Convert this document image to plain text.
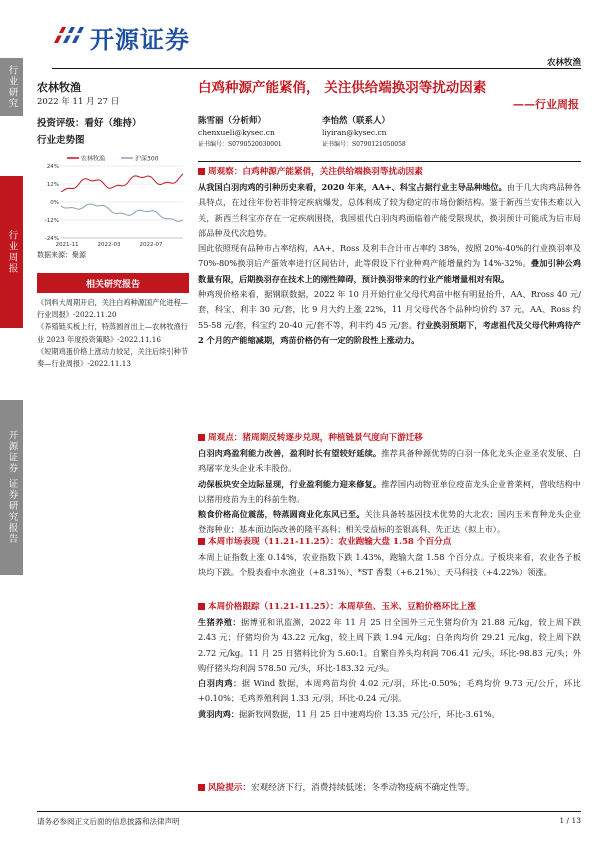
行业研究
行业周报
开源证券 证券研究报告
开源证券
农林牧渔
农林牧渔
2022 年 11 月 27 日
投资评级：看好（维持）
行业走势图
农林牧渔	沪深300
24%
12%
0%
-12%
-24%
2021-11	2022-03	2022-07
数据来源：聚源
相关研究报告

《饲料大周期开启，关注白鸡种源国产化进程—行业周报》-2022.11.20

《养殖链买板上行，特蒸圆首出上—农林牧渔行业 2023 年度投资策略》-2022.11.16

《短期鸡蛋价格上涨动力较足，关注后续引种节奏—行业周报》-2022.11.13

白鸡种源产能紧俏， 关注供给端换羽等扰动因素
——行业周报
陈雪丽（分析师）
chenxueli@kysec.cn
证书编号：S0790520030001
李怡然（联系人）
liyiran@kysec.cn
证书编号：S0790121050058
周观察：白鸡种源产能紧俏，关注供给端换羽等扰动因素

从我国白羽肉鸡的引种历史来看，2020 年来，AA+、科宝占据行业主导品种地位。由于几大肉鸡品种各具特点，在过往年份若非特定疾病爆发，总体利成了较为稳定的市场份额结构。鉴于新西兰安伟杰难以入关，新西兰科宝亦存在一定疾病围挠，我国祖代白羽肉鸡面临着产能受限现状，换羽预计可能成为后市局部品种及代次趋势。

国此依照现有品种市占率结构，AA+、Ross 及利丰合计市占率约 38%，按照 20%-40%的行业换羽率及 70%-80%换羽后产蛋效率进行区间估计，此等假设下行业种鸡产能增量约为 14%-32%。叠加引种公鸡数量有限，后期换羽存在技术上的刚性障碍，预计换羽带来的行业产能增量相对有限。

种鸡现价格来看，据钢联数据，2022 年 10 月开始行业父母代鸡苗中枢有明显抬升，AA、Rross 40 元/套，科宝、利丰 30 元/套，比 9 月大约上涨 22%，11 月父母代各个品种均价约 37 元，AA、Ross 约 55-58 元/套，科宝约 20-40 元/套不等，利丰约 45 元/套。行业换羽预期下，考虑祖代及父母代种鸡待产 2 个月的产能缩减期，鸡苗价格仍有一定的阶段性上涨动力。

周观点：猪周期反转逐步兑现，种植链景气度向下游迁移

白羽肉鸡盈利能力改善，盈利时长有望较好延续。推荐具备种源优势的白羽一体化龙头企业圣农发展、白鸡屠宰龙头企业禾丰股份。

动保板块安全边际显现，行业盈利能力迎来修复。推荐国内动物亚单位疫苗龙头企业普莱柯，营收结构中以猪用疫苗为主的科前生物。

粮食价格高位震荡，特蒸圆商业化东风已至。关注具备转基因技术优势的大北农；国内玉米育种龙头企业登海种业；基本面边际改善的隆平高科；相关受益标的荃银高科、先正达（拟上市）。

本周市场表现（11.21-11.25）：农业跑输大盘 1.58 个百分点

本周上证指数上涨 0.14%，农业指数下跌 1.43%，跑输大盘 1.58 个百分点。子板块来看，农业各子板块均下跌。个股表看中水渔业（+8.31%）、*ST 香梨（+6.21%）、天马科技（+4.22%）领涨。

本周价格跟踪（11.21-11.25）：本周草鱼、玉米、豆粕价格环比上涨

生猪养殖：据博亚和讯监测，2022 年 11 月 25 日全国外三元生猪均价为 21.88 元/kg，较上周下跌 2.43 元；仔猪均价为 43.22 元/kg，较上周下跌 1.94 元/kg；白条肉均价 29.21 元/kg，较上周下跌 2.72 元/kg。11 月 25 日猪料比价为 5.60:1。自繁自养头均利润 706.41 元/头，环比-98.83 元/头；外购仔猪头均利润 578.50 元/头，环比-183.32 元/头。

白羽肉鸡：据 Wind 数据，本周鸡苗均价 4.02 元/羽，环比-0.50%；毛鸡均价 9.73 元/公斤，环比+0.10%；毛鸡养殖利润 1.33 元/羽，环比-0.24 元/羽。

黄羽肉鸡：据新牧网数据，11 月 25 日中速鸡均价 13.35 元/公斤，环比-3.61%。

风险提示：宏观经济下行，消费持续低迷；冬季动物疫病不确定性等。
请务必参阅正文后面的信息披露和法律声明	1 / 13
